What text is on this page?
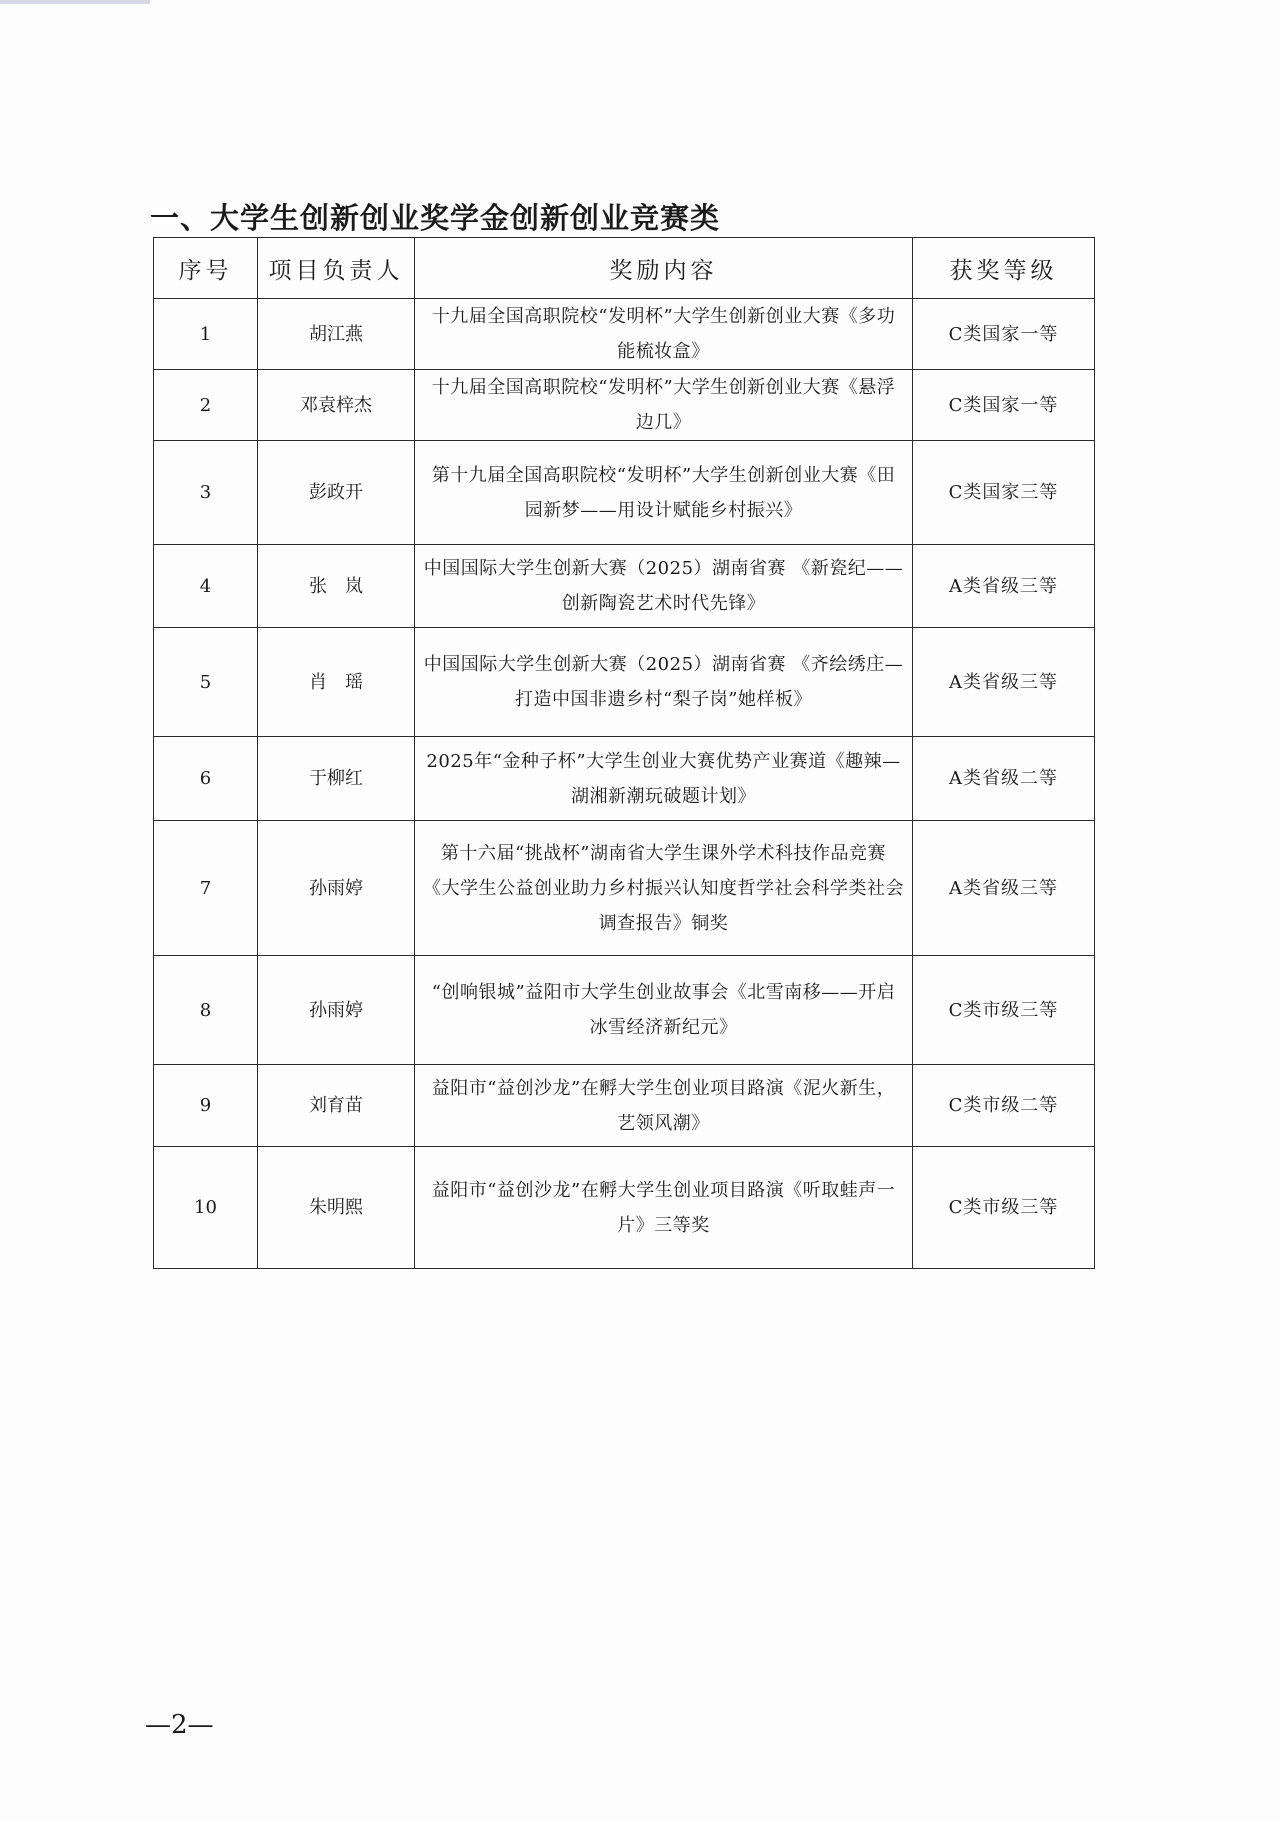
一、大学生创新创业奖学金创新创业竞赛类
序号	项目负责人	奖励内容	获奖等级
1	胡江燕	十九届全国高职院校“发明杯”大学生创新创业大赛《多功能梳妆盒》	C类国家一等
2	邓袁梓杰	十九届全国高职院校“发明杯”大学生创新创业大赛《悬浮边几》	C类国家一等
3	彭政开	第十九届全国高职院校“发明杯”大学生创新创业大赛《田园新梦——用设计赋能乡村振兴》	C类国家三等
4	张　岚	中国国际大学生创新大赛（2025）湖南省赛 《新瓷纪——创新陶瓷艺术时代先锋》	A类省级三等
5	肖　瑶	中国国际大学生创新大赛（2025）湖南省赛 《齐绘绣庄—打造中国非遗乡村“梨子岗”她样板》	A类省级三等
6	于柳红	2025年“金种子杯”大学生创业大赛优势产业赛道《趣辣—湖湘新潮玩破题计划》	A类省级二等
7	孙雨婷	第十六届“挑战杯”湖南省大学生课外学术科技作品竞赛《大学生公益创业助力乡村振兴认知度哲学社会科学类社会调查报告》铜奖	A类省级三等
8	孙雨婷	“创响银城”益阳市大学生创业故事会《北雪南移——开启冰雪经济新纪元》	C类市级三等
9	刘育苗	益阳市“益创沙龙”在孵大学生创业项目路演《泥火新生，艺领风潮》	C类市级二等
10	朱明熙	益阳市“益创沙龙”在孵大学生创业项目路演《听取蛙声一片》三等奖	C类市级三等
—2—
